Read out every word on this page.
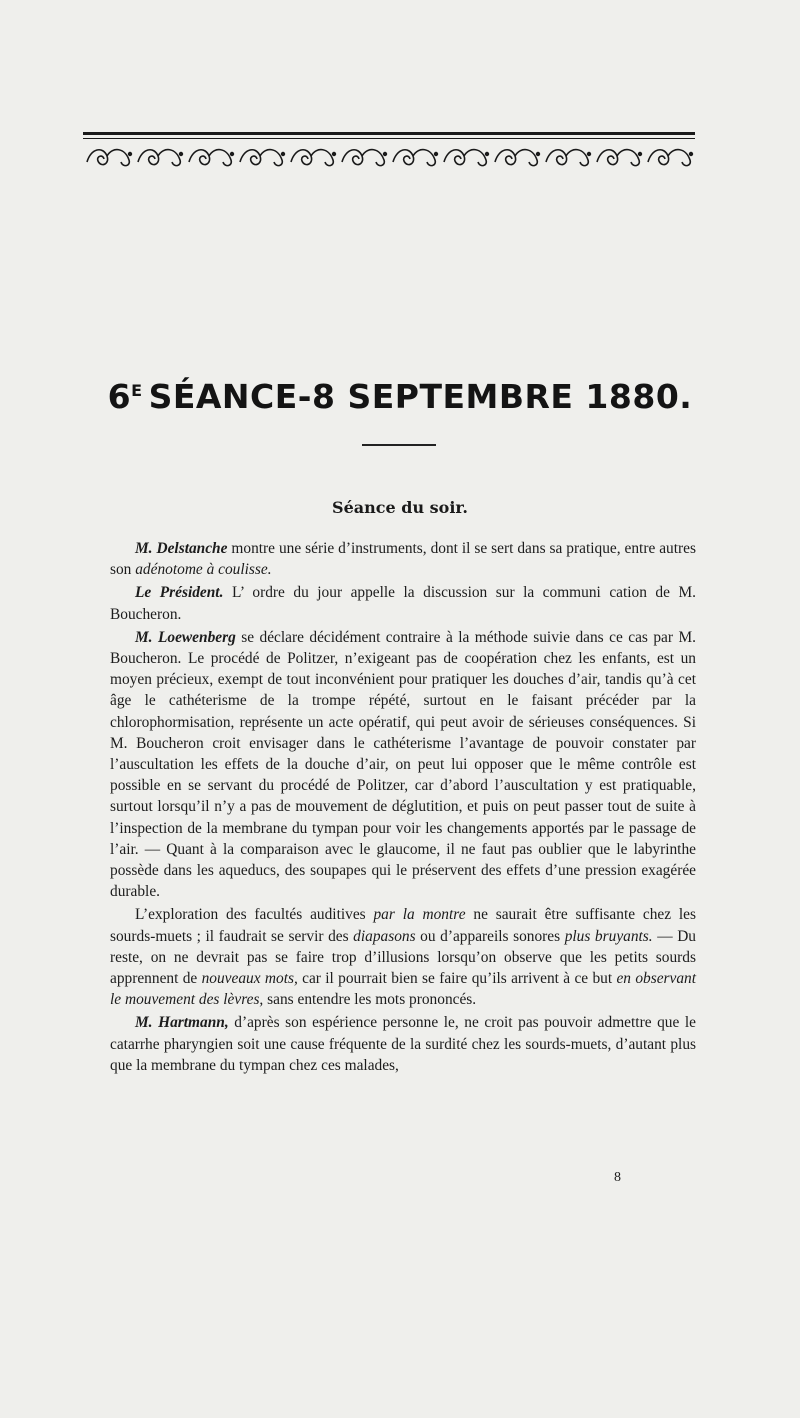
$6^E$ SÉANCE-8 SEPTEMBRE 1880.
Séance du soir.

M. Delstanche montre une série d’instruments, dont il se sert dans sa pratique, entre autres son adénotome à coulisse.

Le Président. L’ ordre du jour appelle la discussion sur la communi cation de M. Boucheron.

M. Loewenberg se déclare décidément contraire à la méthode suivie dans ce cas par M. Boucheron. Le procédé de Politzer, n’exigeant pas de coopération chez les enfants, est un moyen précieux, exempt de tout inconvénient pour pratiquer les douches d’air, tandis qu’à cet âge le cathéterisme de la trompe répété, surtout en le faisant précéder par la chlorophormisation, représente un acte opératif, qui peut avoir de sérieuses conséquences. Si M. Boucheron croit envisager dans le cathéterisme l’avantage de pouvoir constater par l’auscultation les effets de la douche d’air, on peut lui opposer que le même contrôle est possible en se servant du procédé de Politzer, car d’abord l’auscultation y est pratiquable, surtout lorsqu’il n’y a pas de mouvement de déglutition, et puis on peut passer tout de suite à l’inspection de la membrane du tympan pour voir les changements apportés par le passage de l’air. — Quant à la comparaison avec le glaucome, il ne faut pas oublier que le labyrinthe possède dans les aqueducs, des soupapes qui le préservent des effets d’une pression exagérée durable.

L’exploration des facultés auditives par la montre ne saurait être suffisante chez les sourds-muets ; il faudrait se servir des diapasons ou d’appareils sonores plus bruyants. — Du reste, on ne devrait pas se faire trop d’illusions lorsqu’on observe que les petits sourds apprennent de nouveaux mots, car il pourrait bien se faire qu’ils arrivent à ce but en observant le mouvement des lèvres, sans entendre les mots prononcés.

M. Hartmann, d’après son espérience personne le, ne croit pas pouvoir admettre que le catarrhe pharyngien soit une cause fréquente de la surdité chez les sourds-muets, d’autant plus que la membrane du tympan chez ces malades,

8
